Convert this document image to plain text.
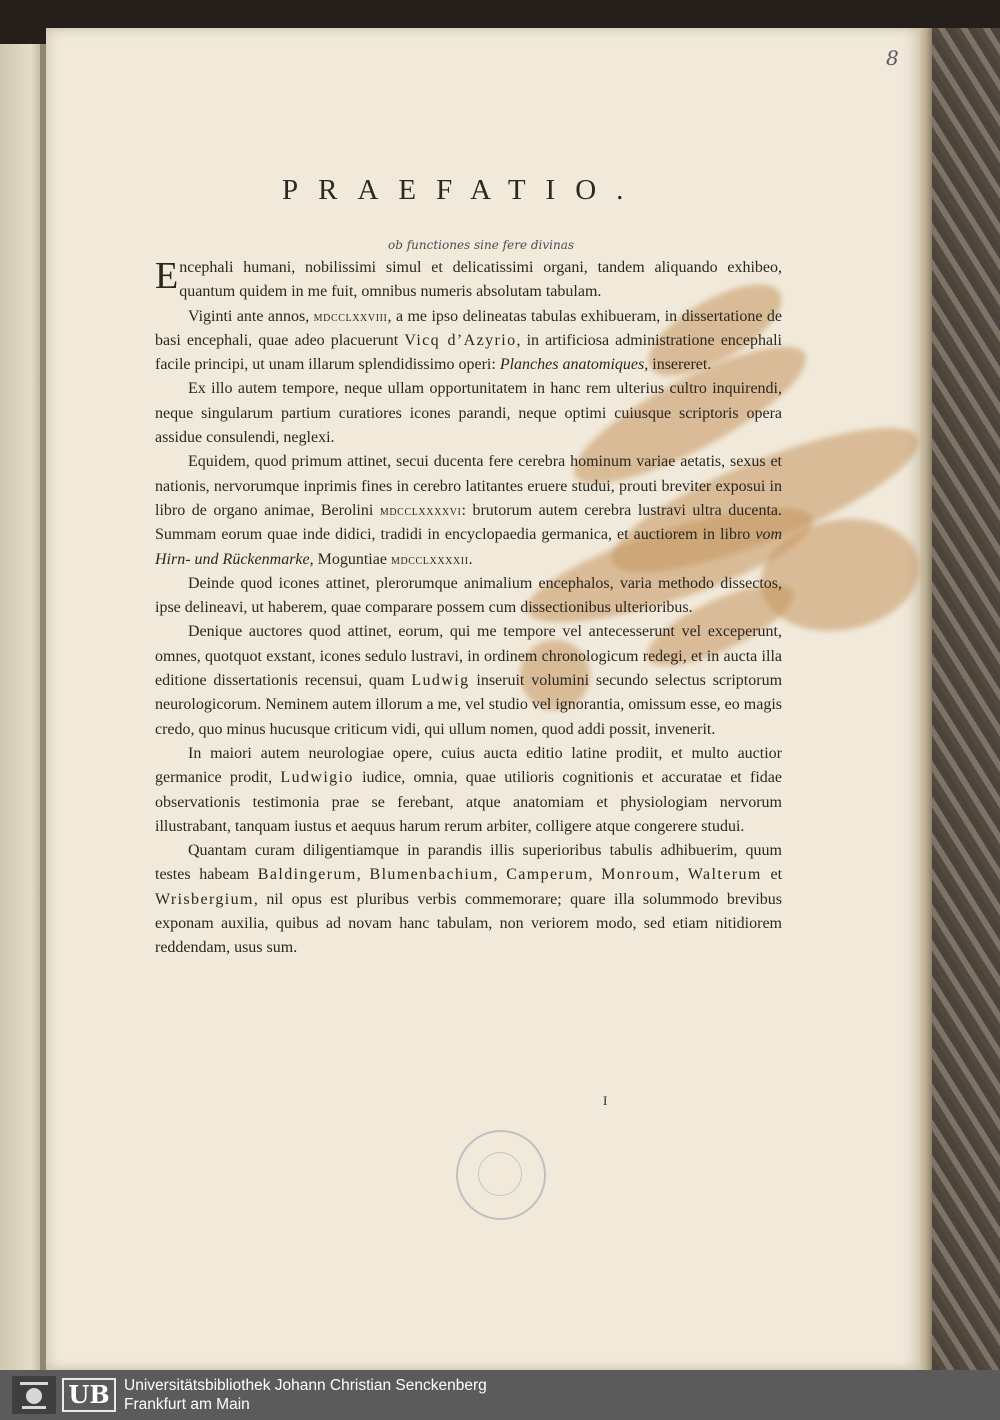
8
PRAEFATIO.
ob functiones sine fere divinas

Encephali humani, nobilissimi simul et delicatissimi organi, tandem aliquando exhibeo, quantum quidem in me fuit, omnibus numeris absolutam tabulam.

Viginti ante annos, mdcclxxviii, a me ipso delineatas tabulas exhibueram, in dissertatione de basi encephali, quae adeo placuerunt Vicq d’Azyrio, in artificiosa administratione encephali facile principi, ut unam illarum splendidissimo operi: Planches anatomiques, insereret.

Ex illo autem tempore, neque ullam opportunitatem in hanc rem ulterius cultro inquirendi, neque singularum partium curatiores icones parandi, neque optimi cuiusque scriptoris opera assidue consulendi, neglexi.

Equidem, quod primum attinet, secui ducenta fere cerebra hominum variae aetatis, sexus et nationis, nervorumque inprimis fines in cerebro latitantes eruere studui, prouti breviter exposui in libro de organo animae, Berolini mdcclxxxxvi: brutorum autem cerebra lustravi ultra ducenta. Summam eorum quae inde didici, tradidi in encyclopaedia germanica, et auctiorem in libro vom Hirn- und Rückenmarke, Moguntiae mdcclxxxxii.

Deinde quod icones attinet, plerorumque animalium encephalos, varia methodo dissectos, ipse delineavi, ut haberem, quae comparare possem cum dissectionibus ulterioribus.

Denique auctores quod attinet, eorum, qui me tempore vel antecesserunt vel exceperunt, omnes, quotquot exstant, icones sedulo lustravi, in ordinem chronologicum redegi, et in aucta illa editione dissertationis recensui, quam Ludwig inseruit volumini secundo selectus scriptorum neurologicorum. Neminem autem illorum a me, vel studio vel ignorantia, omissum esse, eo magis credo, quo minus hucusque criticum vidi, qui ullum nomen, quod addi possit, invenerit.

In maiori autem neurologiae opere, cuius aucta editio latine prodiit, et multo auctior germanice prodit, Ludwigio iudice, omnia, quae utilioris cognitionis et accuratae et fidae observationis testimonia prae se ferebant, atque anatomiam et physiologiam nervorum illustrabant, tanquam iustus et aequus harum rerum arbiter, colligere atque congerere studui.

Quantam curam diligentiamque in parandis illis superioribus tabulis adhibuerim, quum testes habeam Baldingerum, Blumenbachium, Camperum, Monroum, Walterum et Wrisbergium, nil opus est pluribus verbis commemorare; quare illa solummodo brevibus exponam auxilia, quibus ad novam hanc tabulam, non veriorem modo, sed etiam nitidiorem reddendam, usus sum.

I
UB Universitätsbibliothek Johann Christian Senckenberg
Frankfurt am Main
